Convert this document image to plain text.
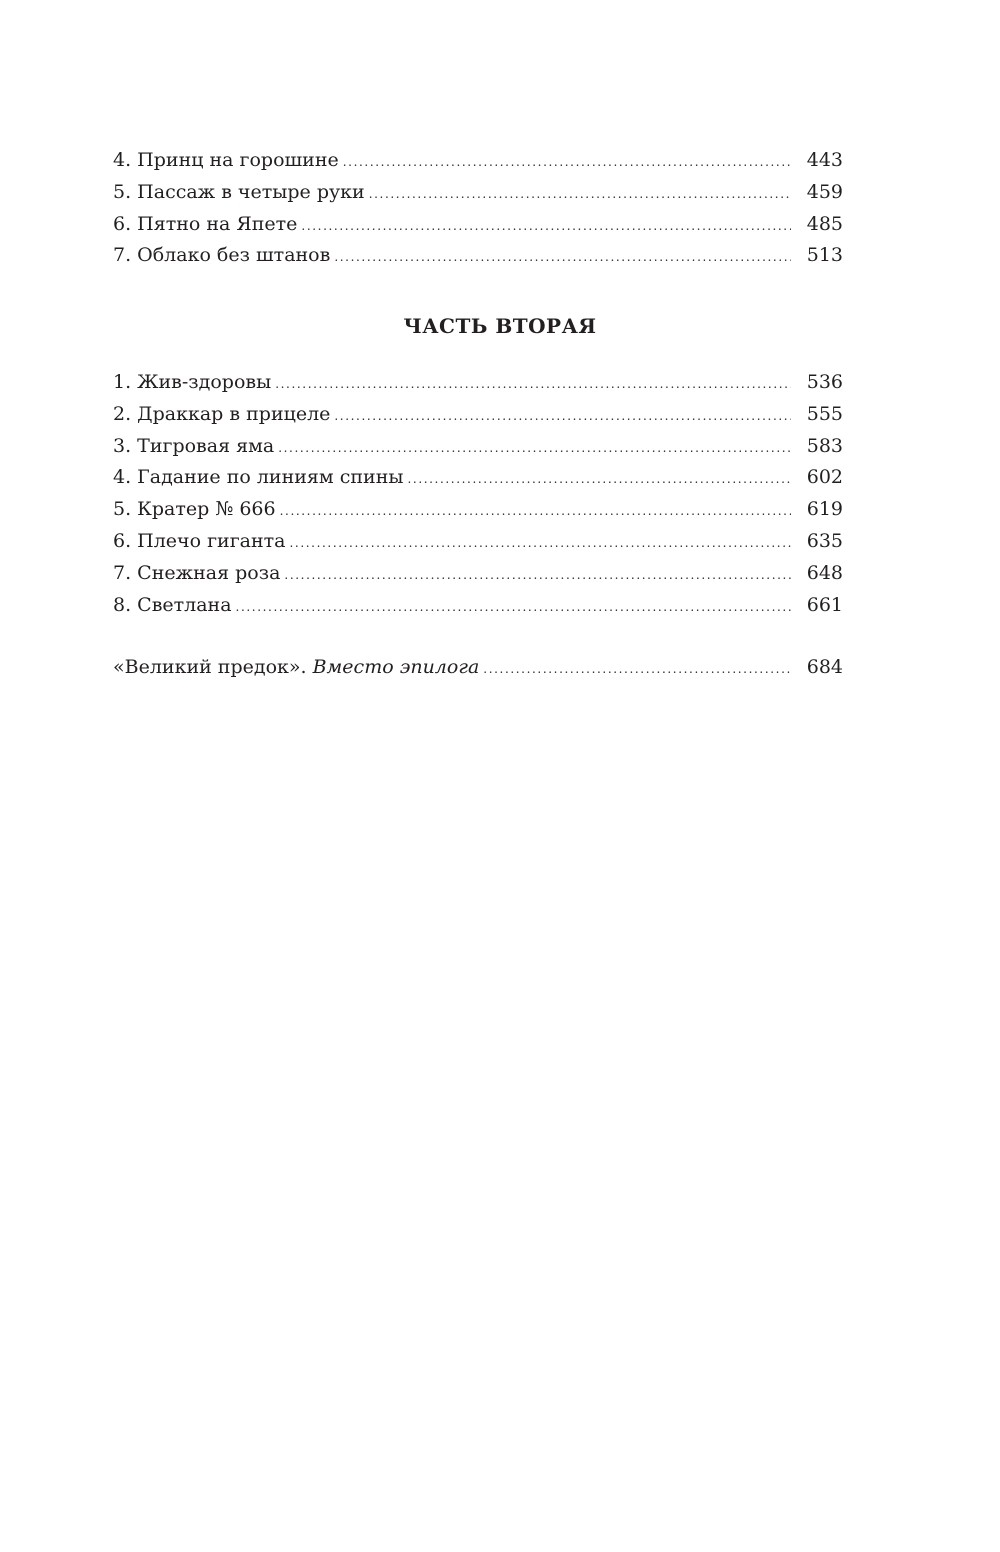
4. Принц на горошине .....	443
5. Пассаж в четыре руки .....	459
6. Пятно на Япете .....	485
7. Облако без штанов .....	513
ЧАСТЬ ВТОРАЯ
1. Жив-здоровы .....	536
2. Драккар в прицеле .....	555
3. Тигровая яма .....	583
4. Гадание по линиям спины .....	602
5. Кратер № 666 .....	619
6. Плечо гиганта .....	635
7. Снежная роза .....	648
8. Светлана .....	661
«Великий предок». Вместо эпилога .....	684
